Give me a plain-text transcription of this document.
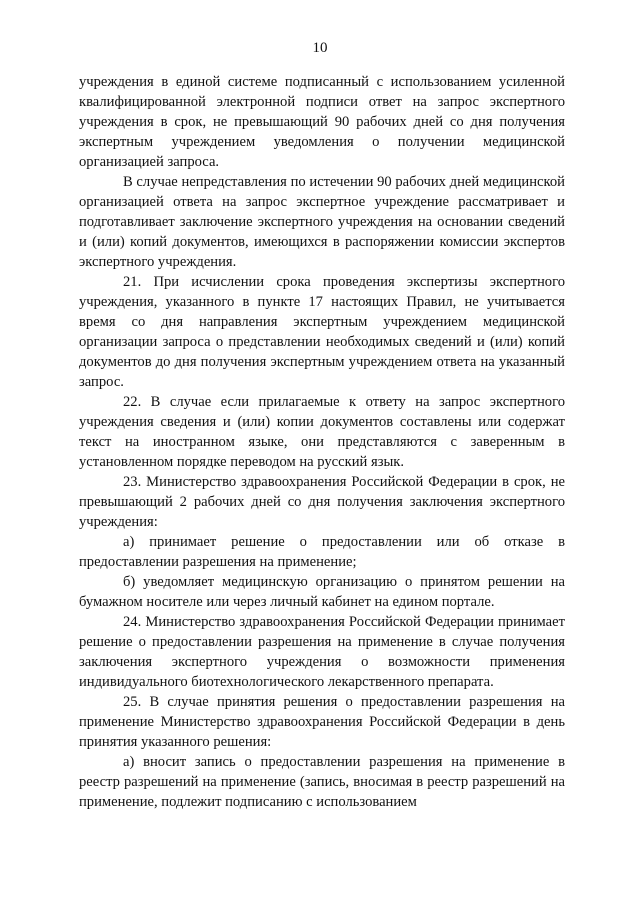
10

учреждения в единой системе подписанный с использованием усиленной квалифицированной электронной подписи ответ на запрос экспертного учреждения в срок, не превышающий 90 рабочих дней со дня получения экспертным учреждением уведомления о получении медицинской организацией запроса.

В случае непредставления по истечении 90 рабочих дней медицинской организацией ответа на запрос экспертное учреждение рассматривает и подготавливает заключение экспертного учреждения на основании сведений и (или) копий документов, имеющихся в распоряжении комиссии экспертов экспертного учреждения.

21. При исчислении срока проведения экспертизы экспертного учреждения, указанного в пункте 17 настоящих Правил, не учитывается время со дня направления экспертным учреждением медицинской организации запроса о представлении необходимых сведений и (или) копий документов до дня получения экспертным учреждением ответа на указанный запрос.

22. В случае если прилагаемые к ответу на запрос экспертного учреждения сведения и (или) копии документов составлены или содержат текст на иностранном языке, они представляются с заверенным в установленном порядке переводом на русский язык.

23. Министерство здравоохранения Российской Федерации в срок, не превышающий 2 рабочих дней со дня получения заключения экспертного учреждения:

а) принимает решение о предоставлении или об отказе в предоставлении разрешения на применение;

б) уведомляет медицинскую организацию о принятом решении на бумажном носителе или через личный кабинет на едином портале.

24. Министерство здравоохранения Российской Федерации принимает решение о предоставлении разрешения на применение в случае получения заключения экспертного учреждения о возможности применения индивидуального биотехнологического лекарственного препарата.

25. В случае принятия решения о предоставлении разрешения на применение Министерство здравоохранения Российской Федерации в день принятия указанного решения:

а) вносит запись о предоставлении разрешения на применение в реестр разрешений на применение (запись, вносимая в реестр разрешений на применение, подлежит подписанию с использованием
